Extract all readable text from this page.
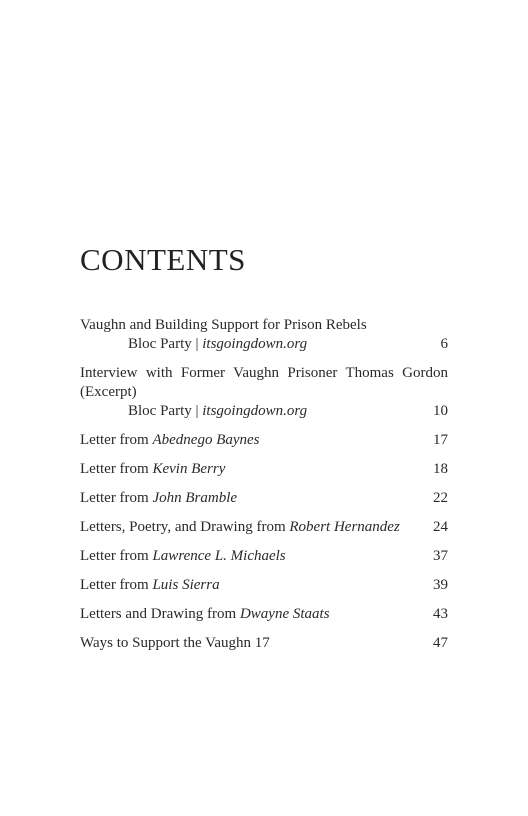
CONTENTS
Vaughn and Building Support for Prison Rebels
Bloc Party | itsgoingdown.org	6
Interview with Former Vaughn Prisoner Thomas Gordon (Excerpt)
Bloc Party | itsgoingdown.org	10
Letter from Abednego Baynes	17
Letter from Kevin Berry	18
Letter from John Bramble	22
Letters, Poetry, and Drawing from Robert Hernandez 24
Letter from Lawrence L. Michaels	37
Letter from Luis Sierra	39
Letters and Drawing from Dwayne Staats	43
Ways to Support the Vaughn 17	47
